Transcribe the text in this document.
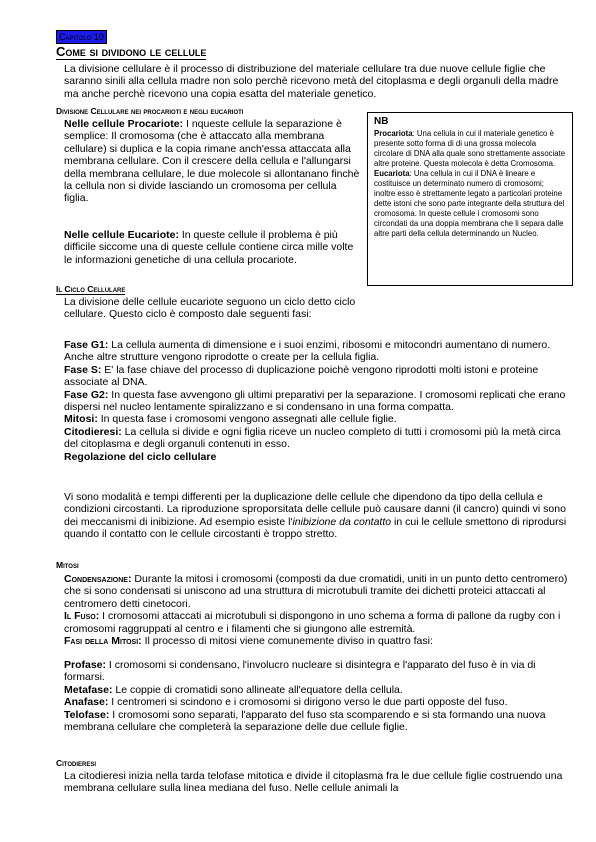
Capitolo 10
Come si dividono le cellule
La divisione cellulare è il processo di distribuzione del materiale cellulare tra due nuove cellule figlie che saranno sinili alla cellula madre non solo perchè ricevono metà del citoplasma e degli organuli della madre ma anche perchè ricevono una copia esatta del materiale genetico.
Divisione Cellulare nei procarioti e negli eucarioti
Nelle cellule Procariote: I nqueste cellule la separazione è semplice: Il cromosoma (che è attaccato alla membrana cellulare) si duplica e la copia rimane anch'essa attaccata alla membrana cellulare. Con il crescere della cellula e l'allungarsi della membrana cellulare, le due molecole si allontanano finchè la cellula non si divide lasciando un cromosoma per cellula figlia.
Nelle cellule Eucariote: In queste cellule il problema è più difficile siccome una di queste cellule contiene circa mille volte le informazioni genetiche di una cellula procariote.
NB

Procariota: Una cellula in cui il materiale genetico è presente sotto forma di di una grossa molecola circolare di DNA alla quale sono strettamente associate altre proteine. Questa molecola è detta Cromosoma.

Eucariota: Una cellula in cui il DNA è lineare e costituisce un determinato numero di cromosomi; inoltre esso è strettamente legato a particolari proteine dette istoni che sono parte integrante della struttura del cromosoma. In queste cellule i cromosomi sono circondati da una doppia membrana che li separa dalle altre parti della cellula determinando un Nucleo.

Il Ciclo Cellulare
La divisione delle cellule eucariote seguono un ciclo detto ciclo cellulare. Questo ciclo è composto dale seguenti fasi:
Fase G1: La cellula aumenta di dimensione e i suoi enzimi, ribosomi e mitocondri aumentano di numero. Anche altre strutture vengono riprodotte o create per la cellula figlia.
Fase S: E' la fase chiave del processo di duplicazione poichè vengono riprodotti molti istoni e proteine associate al DNA.
Fase G2: In questa fase avvengono gli ultimi preparativi per la separazione. I cromosomi replicati che erano dispersi nel nucleo lentamente spiralizzano e si condensano in una forma compatta.
Mitosi: In questa fase i cromosomi vengono assegnati alle cellule figlie.
Citodieresi: La cellula si divide e ogni figlia riceve un nucleo completo di tutti i cromosomi più la metà circa del citoplasma e degli organuli contenuti in esso.
Regolazione del ciclo cellulare
Vi sono modalità e tempi differenti per la duplicazione delle cellule che dipendono da tipo della cellula e condizioni circostanti. La riproduzione sproporsitata delle cellule può causare danni (il cancro) quindi vi sono dei meccanismi di inibizione. Ad esempio esiste l'inibizione da contatto in cui le cellule smettono di riprodursi quando il contatto con le cellule circostanti è troppo stretto.
Mitosi
Condensazione: Durante la mitosi i cromosomi (composti da due cromatidi, uniti in un punto detto centromero) che si sono condensati si uniscono ad una struttura di microtubuli tramite dei dichetti proteici attaccati al centromero detti cinetocori.
Il Fuso: I cromosomi attaccati ai microtubuli si dispongono in uno schema a forma di pallone da rugby con i cromosomi raggruppati al centro e i filamenti che si giungono alle estremità.
Fasi della Mitosi: Il processo di mitosi viene comunemente diviso in quattro fasi:
Profase: I cromosomi si condensano, l'involucro nucleare si disintegra e l'apparato del fuso è in via di formarsi.
Metafase: Le coppie di cromatidi sono allineate all'equatore della cellula.
Anafase: I centromeri si scindono e i cromosomi si dirigono verso le due parti opposte del fuso.
Telofase: I cromosomi sono separati, l'apparato del fuso sta scomparendo e si sta formando una nuova membrana cellulare che completerà la separazione delle due cellule figlie.
Citodieresi
La citodieresi inizia nella tarda telofase mitotica e divide il citoplasma fra le due cellule figlie costruendo una membrana cellulare sulla linea mediana del fuso. Nelle cellule animali la
